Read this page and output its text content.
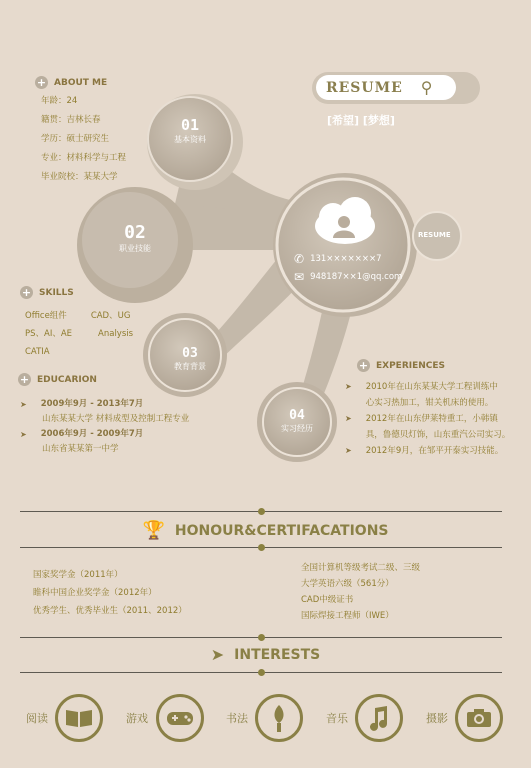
RESUME ⚲
[希望] [梦想]
+ ABOUT ME
年龄：24
籍贯：吉林长春
学历：硕士研究生
专业：材料科学与工程
毕业院校：某某大学
01
基本资料
02
职业技能
03
教育背景
04
实习经历
RESUME
✆ 131×××××××7
✉ 948187××1@qq.com
+ SKILLS
Office组件	CAD、UG
PS、AI、AE	Analysis
CATIA
+ EDUCARION
➤ 2009年9月 - 2013年7月
山东某某大学 材料成型及控制工程专业
➤ 2006年9月 - 2009年7月
山东省某某第一中学
+ EXPERIENCES
➤ 2010年在山东某某大学工程训练中
心实习热加工，钳关机床的使用。
➤ 2012年在山东伊莱特重工，小韩镇
具，鲁德贝灯饰，山东重汽公司实习。
➤ 2012年9月，在邹平开泰实习技能。
🏆 HONOUR&CERTIFACATIONS
国家奖学金（2011年）
睢科中国企业奖学金（2012年）
优秀学生、优秀毕业生（2011、2012）
全国计算机等级考试二级、三级
大学英语六级（561分）
CAD中级证书
国际焊接工程师（IWE）
➤ INTERESTS
阅读	游戏	书法	音乐	摄影
